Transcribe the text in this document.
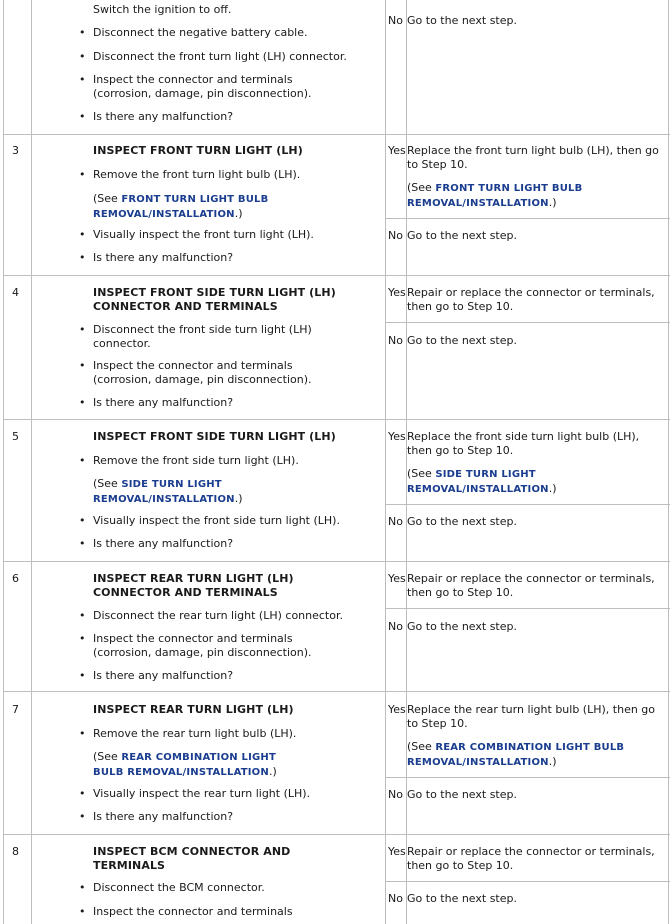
Switch the ignition to off.
• Disconnect the negative battery cable.
• Disconnect the front turn light (LH) connector.
• Inspect the connector and terminals (corrosion, damage, pin disconnection).
• Is there any malfunction?
No Go to the next step.
3	INSPECT FRONT TURN LIGHT (LH)
• Remove the front turn light bulb (LH).
(See FRONT TURN LIGHT BULB REMOVAL/INSTALLATION.)
• Visually inspect the front turn light (LH).
• Is there any malfunction?
Yes Replace the front turn light bulb (LH), then go to Step 10.
(See FRONT TURN LIGHT BULB REMOVAL/INSTALLATION.)
No Go to the next step.
4	INSPECT FRONT SIDE TURN LIGHT (LH) CONNECTOR AND TERMINALS
• Disconnect the front side turn light (LH) connector.
• Inspect the connector and terminals (corrosion, damage, pin disconnection).
• Is there any malfunction?
Yes Repair or replace the connector or terminals, then go to Step 10.
No Go to the next step.
5	INSPECT FRONT SIDE TURN LIGHT (LH)
• Remove the front side turn light (LH).
(See SIDE TURN LIGHT REMOVAL/INSTALLATION.)
• Visually inspect the front side turn light (LH).
• Is there any malfunction?
Yes Replace the front side turn light bulb (LH), then go to Step 10.
(See SIDE TURN LIGHT REMOVAL/INSTALLATION.)
No Go to the next step.
6	INSPECT REAR TURN LIGHT (LH) CONNECTOR AND TERMINALS
• Disconnect the rear turn light (LH) connector.
• Inspect the connector and terminals (corrosion, damage, pin disconnection).
• Is there any malfunction?
Yes Repair or replace the connector or terminals, then go to Step 10.
No Go to the next step.
7	INSPECT REAR TURN LIGHT (LH)
• Remove the rear turn light bulb (LH).
(See REAR COMBINATION LIGHT BULB REMOVAL/INSTALLATION.)
• Visually inspect the rear turn light (LH).
• Is there any malfunction?
Yes Replace the rear turn light bulb (LH), then go to Step 10.
(See REAR COMBINATION LIGHT BULB REMOVAL/INSTALLATION.)
No Go to the next step.
8	INSPECT BCM CONNECTOR AND TERMINALS
• Disconnect the BCM connector.
• Inspect the connector and terminals
Yes Repair or replace the connector or terminals, then go to Step 10.
No Go to the next step.
